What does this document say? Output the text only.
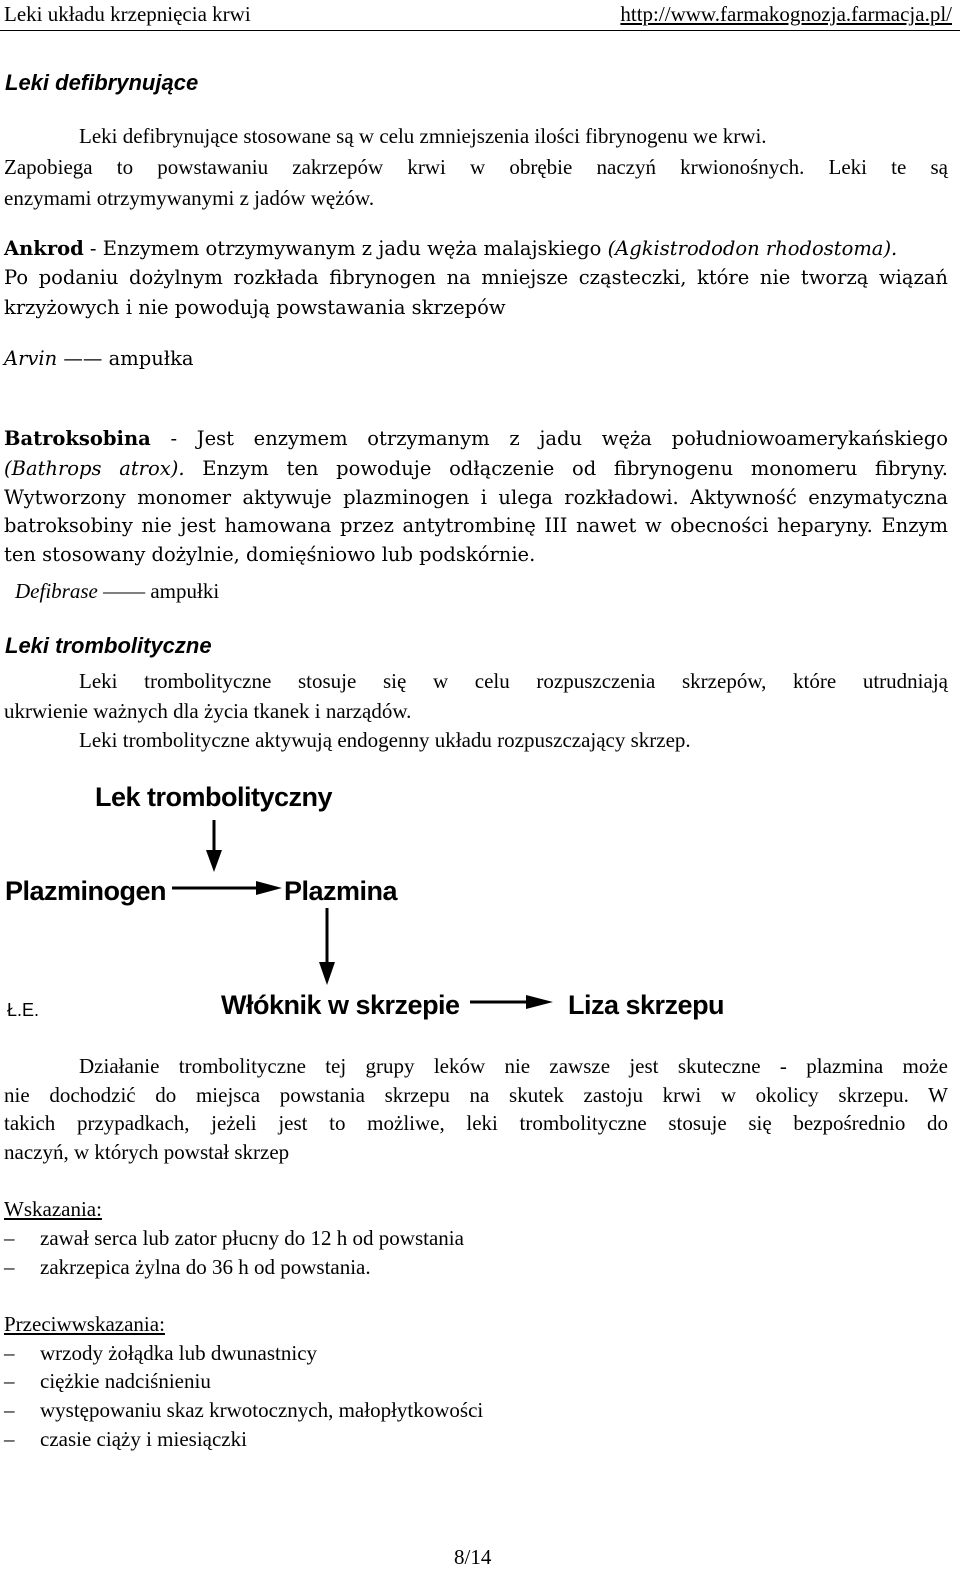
Leki układu krzepnięcia krwi	http://www.farmakognozja.farmacja.pl/
Leki defibrynujące
Leki defibrynujące stosowane są w celu zmniejszenia ilości fibrynogenu we krwi.
Zapobiega to powstawaniu zakrzepów krwi w obrębie naczyń krwionośnych. Leki te są
enzymami otrzymywanymi z jadów wężów.
Ankrod - Enzymem otrzymywanym z jadu węża malajskiego (Agkistrododon rhodostoma).
Po podaniu dożylnym rozkłada fibrynogen na mniejsze cząsteczki, które nie tworzą wiązań
krzyżowych i nie powodują powstawania skrzepów
Arvin —— ampułka
Batroksobina - Jest enzymem otrzymanym z jadu węża południowoamerykańskiego
(Bathrops atrox). Enzym ten powoduje odłączenie od fibrynogenu monomeru fibryny.
Wytworzony monomer aktywuje plazminogen i ulega rozkładowi. Aktywność enzymatyczna
batroksobiny nie jest hamowana przez antytrombinę III nawet w obecności heparyny. Enzym
ten stosowany dożylnie, domięśniowo lub podskórnie.
Defibrase —— ampułki
Leki trombolityczne
Leki trombolityczne stosuje się w celu rozpuszczenia skrzepów, które utrudniają
ukrwienie ważnych dla życia tkanek i narządów.
Leki trombolityczne aktywują endogenny układu rozpuszczający skrzep.
Lek trombolityczny
Plazminogen	Plazmina
Włóknik w skrzepie	Liza skrzepu
Ł.E.
Działanie trombolityczne tej grupy leków nie zawsze jest skuteczne - plazmina może
nie dochodzić do miejsca powstania skrzepu na skutek zastoju krwi w okolicy skrzepu. W
takich przypadkach, jeżeli jest to możliwe, leki trombolityczne stosuje się bezpośrednio do
naczyń, w których powstał skrzep
Wskazania:
– zawał serca lub zator płucny do 12 h od powstania
– zakrzepica żylna do 36 h od powstania.
Przeciwwskazania:
– wrzody żołądka lub dwunastnicy
– ciężkie nadciśnieniu
– występowaniu skaz krwotocznych, małopłytkowości
– czasie ciąży i miesiączki
8/14
